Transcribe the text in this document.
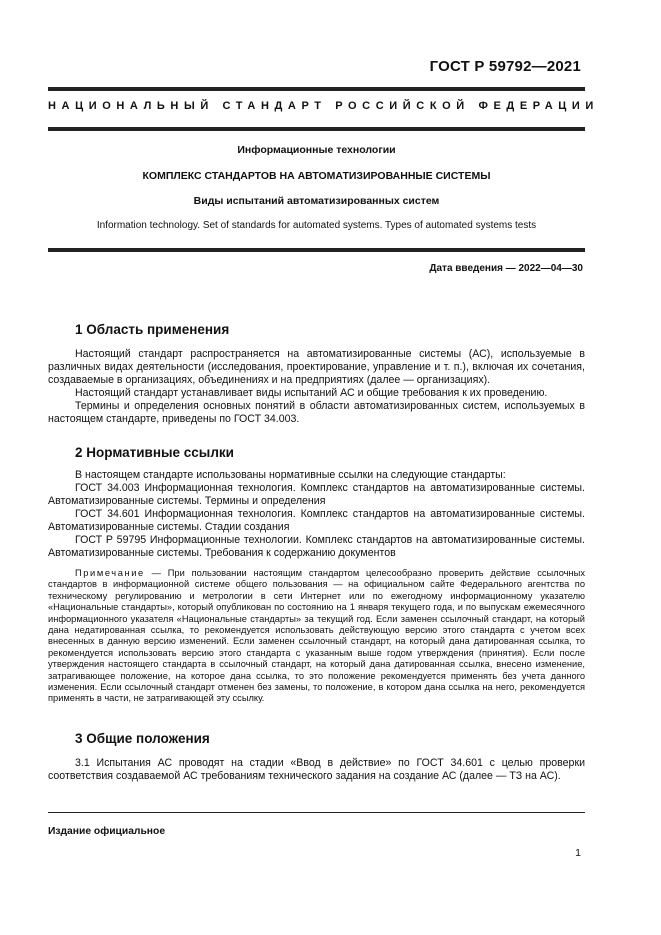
ГОСТ Р 59792—2021
НАЦИОНАЛЬНЫЙ СТАНДАРТ РОССИЙСКОЙ ФЕДЕРАЦИИ
Информационные технологии
КОМПЛЕКС СТАНДАРТОВ НА АВТОМАТИЗИРОВАННЫЕ СИСТЕМЫ
Виды испытаний автоматизированных систем
Information technology. Set of standards for automated systems. Types of automated systems tests
Дата введения — 2022—04—30
1 Область применения

Настоящий стандарт распространяется на автоматизированные системы (АС), используемые в различных видах деятельности (исследования, проектирование, управление и т. п.), включая их сочетания, создаваемые в организациях, объединениях и на предприятиях (далее — организациях).

Настоящий стандарт устанавливает виды испытаний АС и общие требования к их проведению.

Термины и определения основных понятий в области автоматизированных систем, используемых в настоящем стандарте, приведены по ГОСТ 34.003.

2 Нормативные ссылки

В настоящем стандарте использованы нормативные ссылки на следующие стандарты:

ГОСТ 34.003 Информационная технология. Комплекс стандартов на автоматизированные системы. Автоматизированные системы. Термины и определения

ГОСТ 34.601 Информационная технология. Комплекс стандартов на автоматизированные системы. Автоматизированные системы. Стадии создания

ГОСТ Р 59795 Информационные технологии. Комплекс стандартов на автоматизированные системы. Автоматизированные системы. Требования к содержанию документов

Примечание — При пользовании настоящим стандартом целесообразно проверить действие ссылочных стандартов в информационной системе общего пользования — на официальном сайте Федерального агентства по техническому регулированию и метрологии в сети Интернет или по ежегодному информационному указателю «Национальные стандарты», который опубликован по состоянию на 1 января текущего года, и по выпускам ежемесячного информационного указателя «Национальные стандарты» за текущий год. Если заменен ссылочный стандарт, на который дана недатированная ссылка, то рекомендуется использовать действующую версию этого стандарта с учетом всех внесенных в данную версию изменений. Если заменен ссылочный стандарт, на который дана датированная ссылка, то рекомендуется использовать версию этого стандарта с указанным выше годом утверждения (принятия). Если после утверждения настоящего стандарта в ссылочный стандарт, на который дана датированная ссылка, внесено изменение, затрагивающее положение, на которое дана ссылка, то это положение рекомендуется применять без учета данного изменения. Если ссылочный стандарт отменен без замены, то положение, в котором дана ссылка на него, рекомендуется применять в части, не затрагивающей эту ссылку.

3 Общие положения

3.1 Испытания АС проводят на стадии «Ввод в действие» по ГОСТ 34.601 с целью проверки соответствия создаваемой АС требованиям технического задания на создание АС (далее — ТЗ на АС).

Издание официальное
1
